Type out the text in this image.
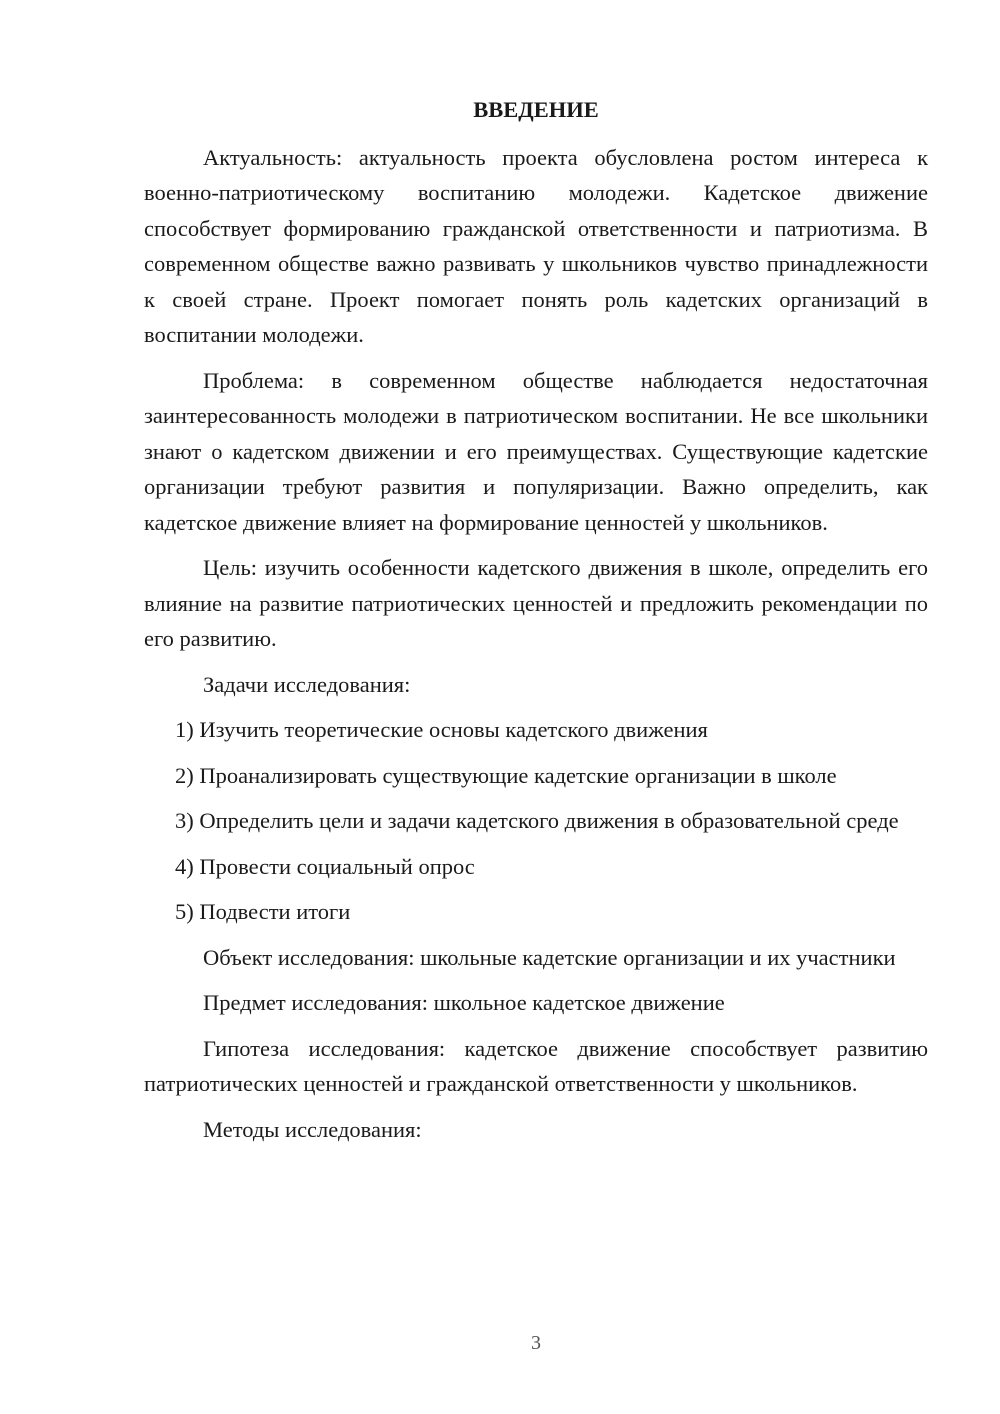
ВВЕДЕНИЕ

Актуальность: актуальность проекта обусловлена ростом интереса к военно-патриотическому воспитанию молодежи. Кадетское движение способствует формированию гражданской ответственности и патриотизма. В современном обществе важно развивать у школьников чувство принадлежности к своей стране. Проект помогает понять роль кадетских организаций в воспитании молодежи.

Проблема: в современном обществе наблюдается недостаточная заинтересованность молодежи в патриотическом воспитании. Не все школьники знают о кадетском движении и его преимуществах. Существующие кадетские организации требуют развития и популяризации. Важно определить, как кадетское движение влияет на формирование ценностей у школьников.

Цель: изучить особенности кадетского движения в школе, определить его влияние на развитие патриотических ценностей и предложить рекомендации по его развитию.

Задачи исследования:

1) Изучить теоретические основы кадетского движения

2) Проанализировать существующие кадетские организации в школе

3) Определить цели и задачи кадетского движения в образовательной среде

4) Провести социальный опрос

5) Подвести итоги

Объект исследования: школьные кадетские организации и их участники

Предмет исследования: школьное кадетское движение

Гипотеза исследования: кадетское движение способствует развитию патриотических ценностей и гражданской ответственности у школьников.

Методы исследования:

3
